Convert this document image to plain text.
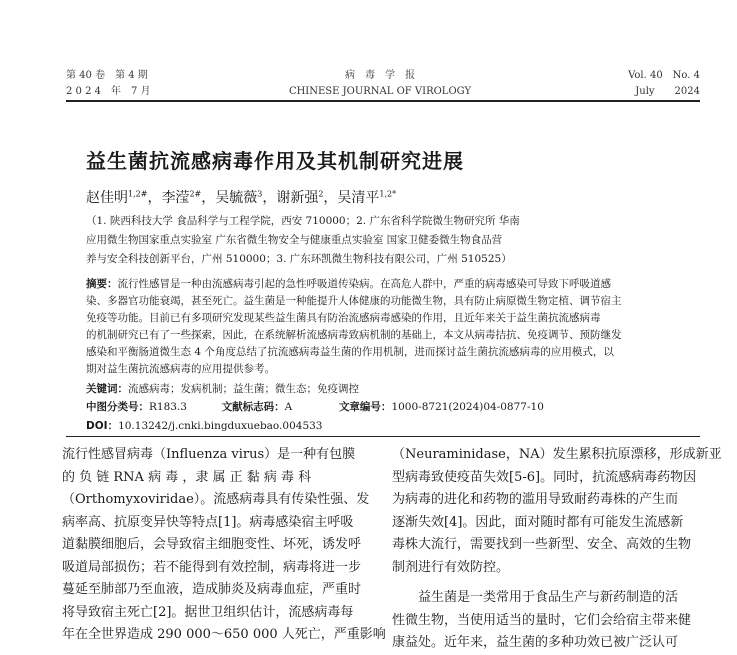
第 40 卷　第 4 期
2 0 2 4　年　7 月
病　毒　学　报
CHINESE JOURNAL OF VIROLOGY
Vol. 40　No. 4
July　　2024
益生菌抗流感病毒作用及其机制研究进展
赵佳明$^{1,2\#}$，李滢$^{2\#}$，吴毓薇$^3$，谢新强$^2$，吴清平$^{1,2*}$
（1. 陕西科技大学 食品科学与工程学院，西安 710000；2. 广东省科学院微生物研究所 华南
应用微生物国家重点实验室 广东省微生物安全与健康重点实验室 国家卫健委微生物食品营
养与安全科技创新平台，广州 510000；3. 广东环凯微生物科技有限公司，广州 510525）
摘要：流行性感冒是一种由流感病毒引起的急性呼吸道传染病。在高危人群中，严重的病毒感染可导致下呼吸道感
染、多器官功能衰竭，甚至死亡。益生菌是一种能提升人体健康的功能微生物，具有防止病原微生物定植、调节宿主
免疫等功能。目前已有多项研究发现某些益生菌具有防治流感病毒感染的作用，且近年来关于益生菌抗流感病毒
的机制研究已有了一些探索，因此，在系统解析流感病毒致病机制的基础上，本文从病毒拮抗、免疫调节、预防继发
感染和平衡肠道微生态 4 个角度总结了抗流感病毒益生菌的作用机制，进而探讨益生菌抗流感病毒的应用模式，以
期对益生菌抗流感病毒的应用提供参考。
关键词：流感病毒；发病机制；益生菌；微生态；免疫调控
中图分类号：R183.3	文献标志码：A	文章编号：1000-8721(2024)04-0877-10
DOI：10.13242/j.cnki.bingduxuebao.004533
流行性感冒病毒（Influenza virus）是一种有包膜
的 负 链 RNA 病 毒 ，隶 属 正 黏 病 毒 科
（Orthomyxoviridae）。流感病毒具有传染性强、发
病率高、抗原变异快等特点[1]。病毒感染宿主呼吸
道黏膜细胞后，会导致宿主细胞变性、坏死，诱发呼
吸道局部损伤；若不能得到有效控制，病毒将进一步
蔓延至肺部乃至血液，造成肺炎及病毒血症，严重时
将导致宿主死亡[2]。据世卫组织估计，流感病毒每
年在全世界造成 290 000～650 000 人死亡，严重影响
（Neuraminidase，NA）发生累积抗原漂移，形成新亚
型病毒致使疫苗失效[5-6]。同时，抗流感病毒药物因
为病毒的进化和药物的滥用导致耐药毒株的产生而
逐渐失效[4]。因此，面对随时都有可能发生流感新
毒株大流行，需要找到一些新型、安全、高效的生物
制剂进行有效防控。
　　益生菌是一类常用于食品生产与新药制造的活
性微生物，当使用适当的量时，它们会给宿主带来健
康益处。近年来，益生菌的多种功效已被广泛认可
